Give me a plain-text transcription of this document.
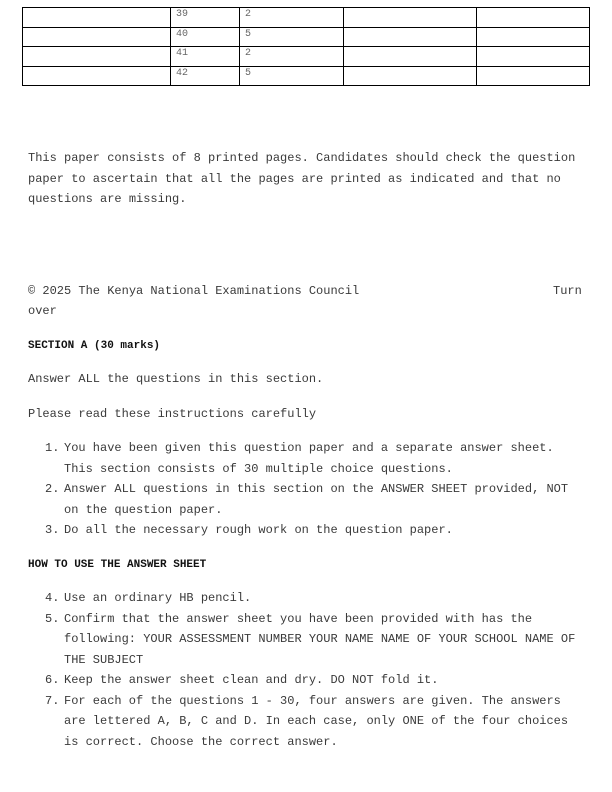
	39	2		
	40	5		
	41	2		
	42	5		

This paper consists of 8 printed pages. Candidates should check the question paper to ascertain that all the pages are printed as indicated and that no questions are missing.

© 2025 The Kenya National Examinations Council	Turn
over
SECTION A (30 marks)

Answer ALL the questions in this section.

Please read these instructions carefully

1. You have been given this question paper and a separate answer sheet. This section consists of 30 multiple choice questions.
2. Answer ALL questions in this section on the ANSWER SHEET provided, NOT on the question paper.
3. Do all the necessary rough work on the question paper.
HOW TO USE THE ANSWER SHEET
4. Use an ordinary HB pencil.
5. Confirm that the answer sheet you have been provided with has the following: YOUR ASSESSMENT NUMBER YOUR NAME NAME OF YOUR SCHOOL NAME OF THE SUBJECT
6. Keep the answer sheet clean and dry. DO NOT fold it.
7. For each of the questions 1 - 30, four answers are given. The answers are lettered A, B, C and D. In each case, only ONE of the four choices is correct. Choose the correct answer.
